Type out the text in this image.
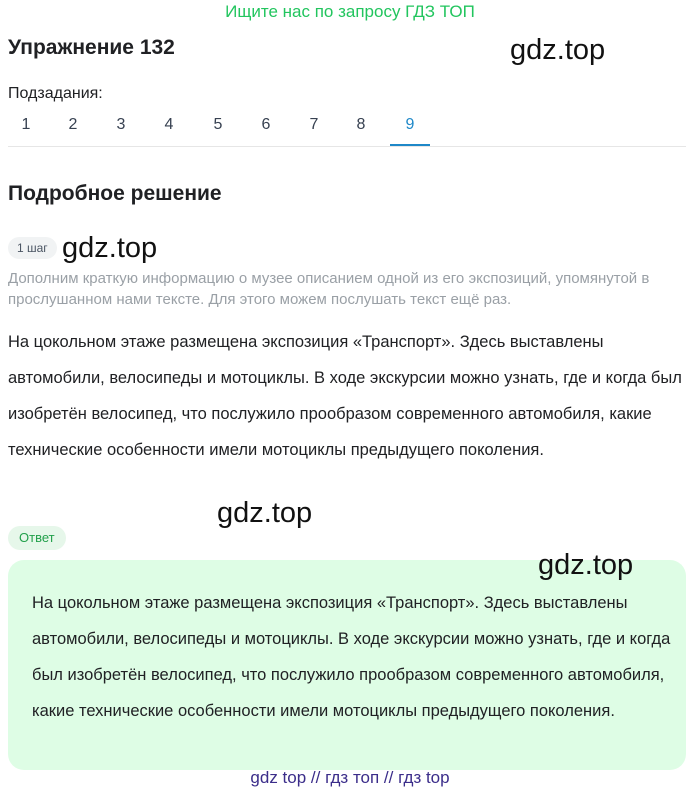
Ищите нас по запросу ГДЗ ТОП
Упражнение 132	gdz.top
Подзадания:
1	2	3	4	5	6	7	8	9
Подробное решение
1 шаг gdz.top
Дополним краткую информацию о музее описанием одной из его экспозиций, упомянутой в прослушанном нами тексте. Для этого можем послушать текст ещё раз.
На цокольном этаже размещена экспозиция «Транспорт». Здесь выставлены автомобили, велосипеды и мотоциклы. В ходе экскурсии можно узнать, где и когда был изобретён велосипед, что послужило прообразом современного автомобиля, какие технические особенности имели мотоциклы предыдущего поколения.
gdz.top
Ответ
gdz.top
На цокольном этаже размещена экспозиция «Транспорт». Здесь выставлены автомобили, велосипеды и мотоциклы. В ходе экскурсии можно узнать, где и когда был изобретён велосипед, что послужило прообразом современного автомобиля, какие технические особенности имели мотоциклы предыдущего поколения.
gdz top // гдз топ // гдз top
